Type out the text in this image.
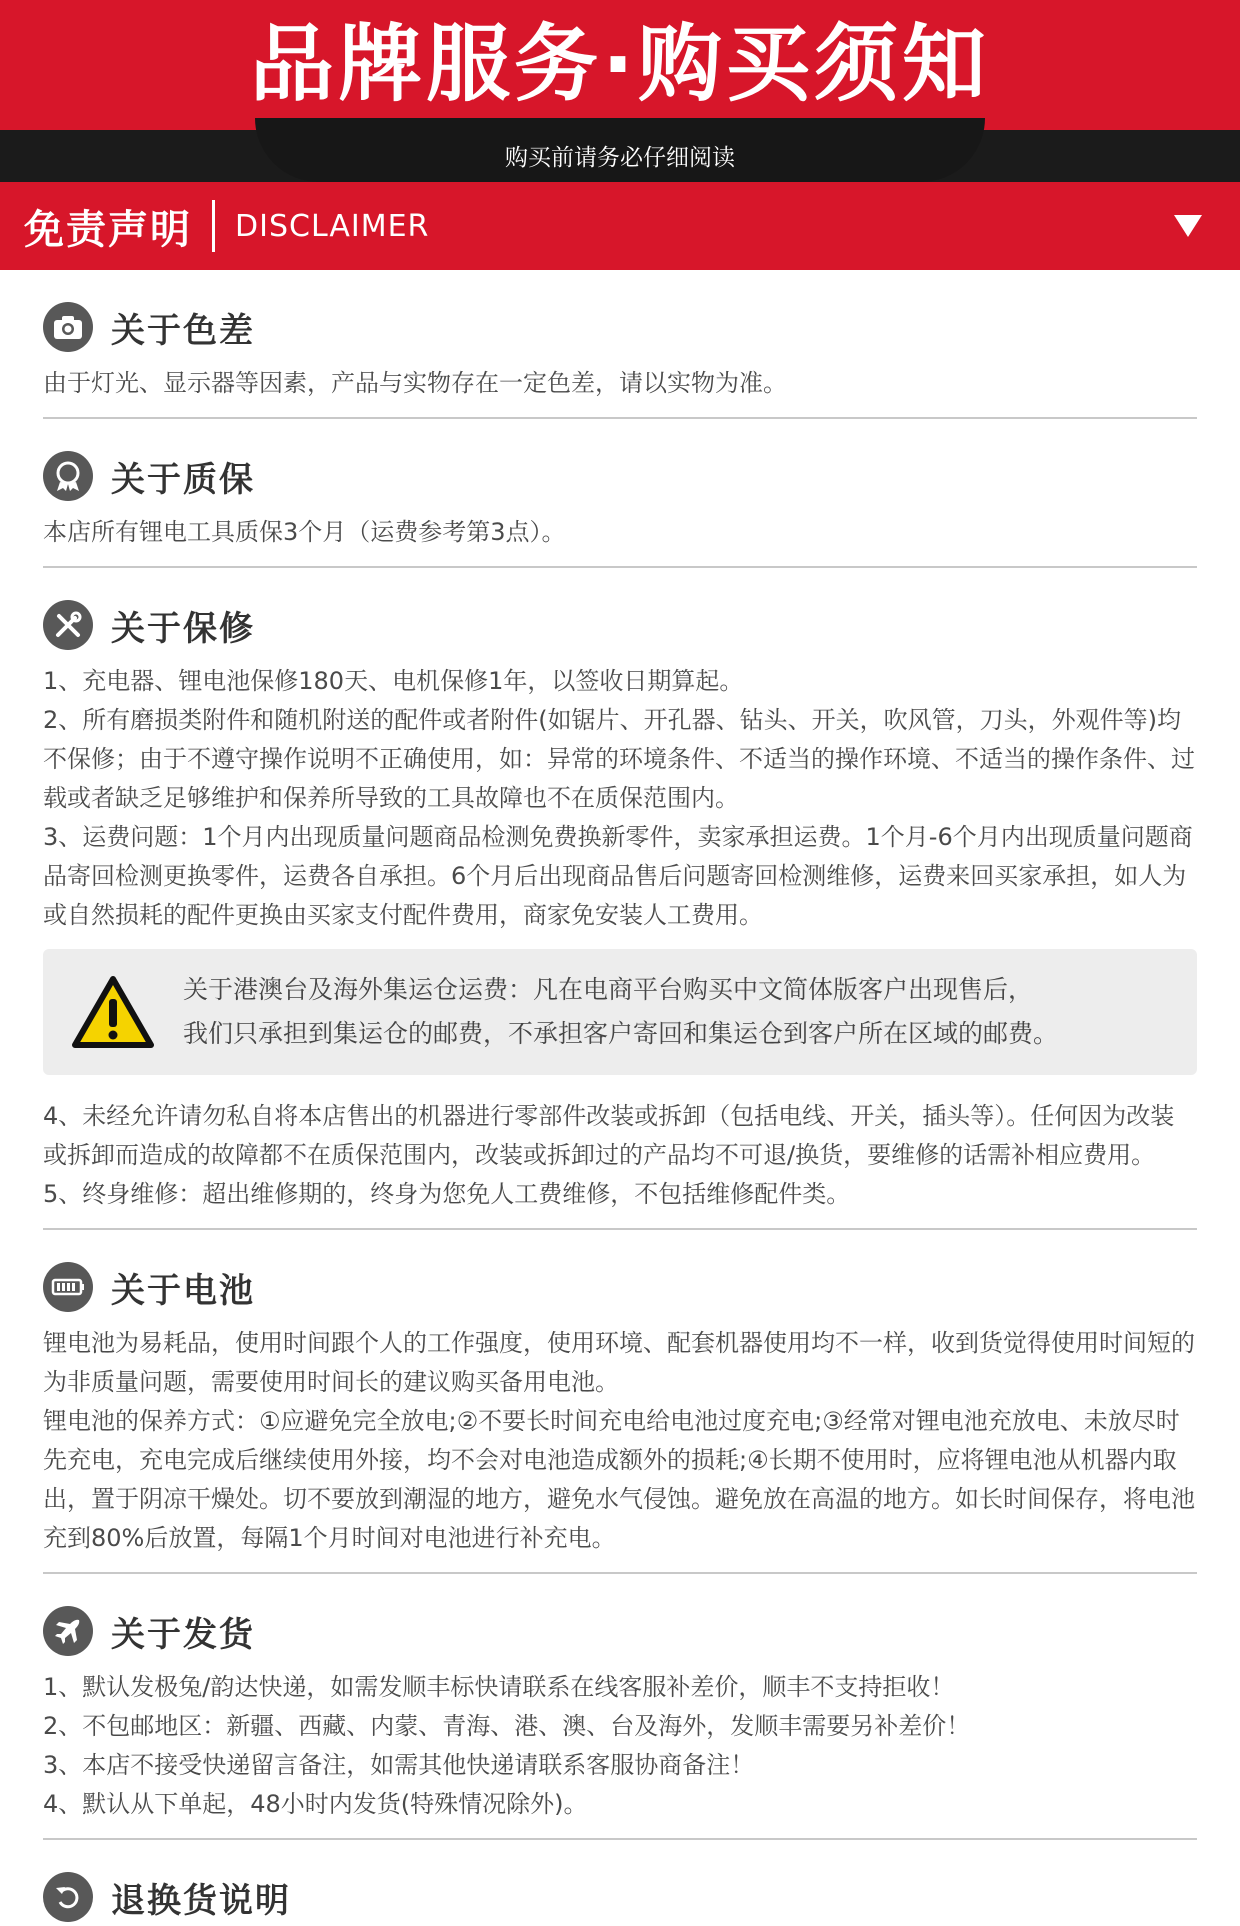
品牌服务·购买须知
购买前请务必仔细阅读
免责声明 DISCLAIMER
关于色差

由于灯光、显示器等因素，产品与实物存在一定色差，请以实物为准。

关于质保

本店所有锂电工具质保3个月（运费参考第3点）。

关于保修

1、充电器、锂电池保修180天、电机保修1年，以签收日期算起。

2、所有磨损类附件和随机附送的配件或者附件(如锯片、开孔器、钻头、开关，吹风管，刀头，外观件等)均不保修；由于不遵守操作说明不正确使用，如：异常的环境条件、不适当的操作环境、不适当的操作条件、过载或者缺乏足够维护和保养所导致的工具故障也不在质保范围内。

3、运费问题：1个月内出现质量问题商品检测免费换新零件，卖家承担运费。1个月-6个月内出现质量问题商品寄回检测更换零件，运费各自承担。6个月后出现商品售后问题寄回检测维修，运费来回买家承担，如人为或自然损耗的配件更换由买家支付配件费用，商家免安装人工费用。

关于港澳台及海外集运仓运费：凡在电商平台购买中文简体版客户出现售后，
我们只承担到集运仓的邮费，不承担客户寄回和集运仓到客户所在区域的邮费。

4、未经允许请勿私自将本店售出的机器进行零部件改装或拆卸（包括电线、开关，插头等）。任何因为改装或拆卸而造成的故障都不在质保范围内，改装或拆卸过的产品均不可退/换货，要维修的话需补相应费用。

5、终身维修：超出维修期的，终身为您免人工费维修，不包括维修配件类。

关于电池

锂电池为易耗品，使用时间跟个人的工作强度，使用环境、配套机器使用均不一样，收到货觉得使用时间短的为非质量问题，需要使用时间长的建议购买备用电池。

锂电池的保养方式：①应避免完全放电;②不要长时间充电给电池过度充电;③经常对锂电池充放电、未放尽时先充电，充电完成后继续使用外接，均不会对电池造成额外的损耗;④长期不使用时，应将锂电池从机器内取出，置于阴凉干燥处。切不要放到潮湿的地方，避免水气侵蚀。避免放在高温的地方。如长时间保存，将电池充到80%后放置，每隔1个月时间对电池进行补充电。

关于发货

1、默认发极兔/韵达快递，如需发顺丰标快请联系在线客服补差价，顺丰不支持拒收！

2、不包邮地区：新疆、西藏、内蒙、青海、港、澳、台及海外，发顺丰需要另补差价！

3、本店不接受快递留言备注，如需其他快递请联系客服协商备注！

4、默认从下单起，48小时内发货(特殊情况除外)。

退换货说明
